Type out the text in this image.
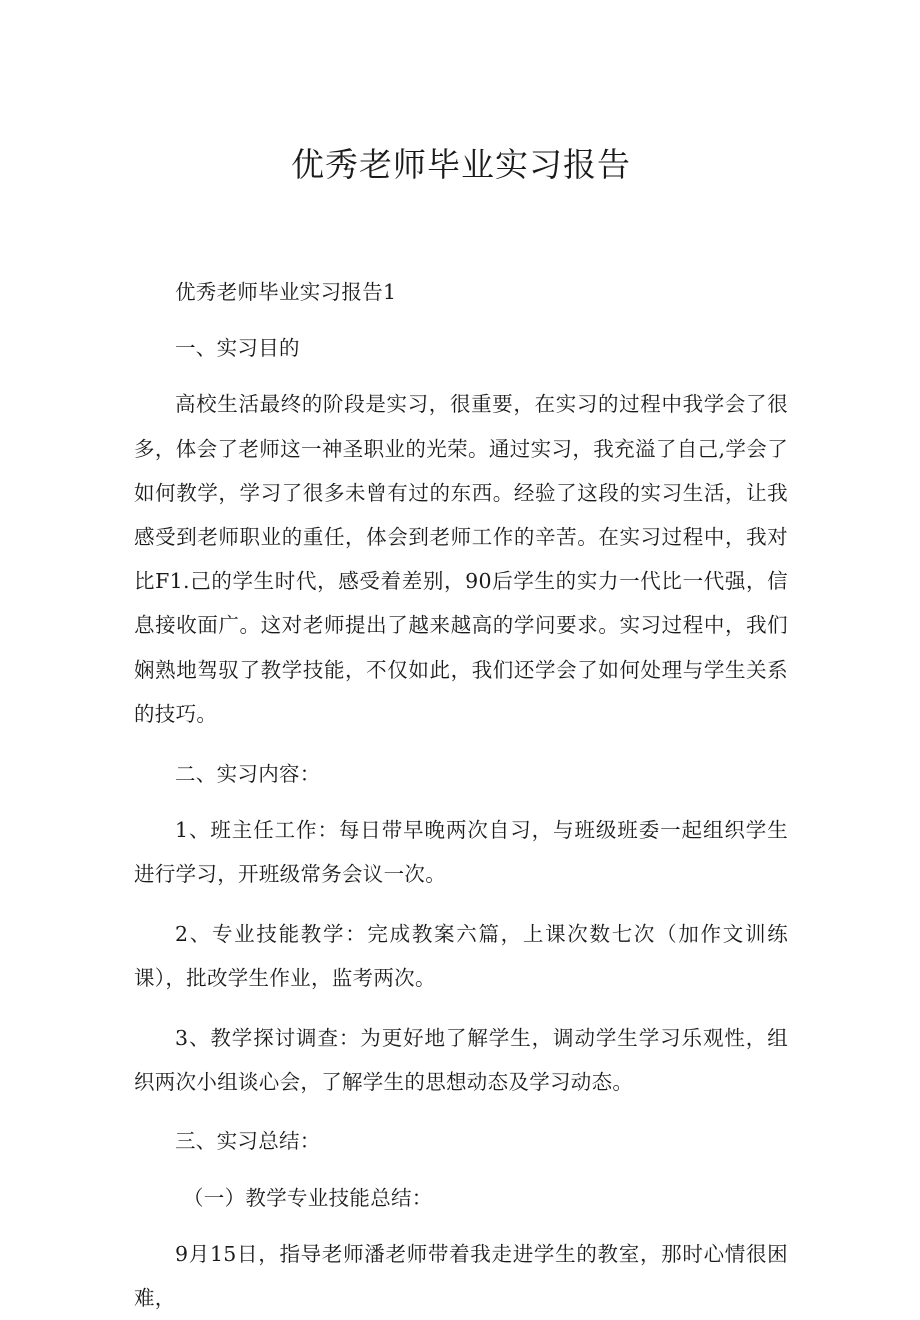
优秀老师毕业实习报告

优秀老师毕业实习报告1

一、实习目的

高校生活最终的阶段是实习，很重要，在实习的过程中我学会了很多，体会了老师这一神圣职业的光荣。通过实习，我充溢了自己,学会了如何教学，学习了很多未曾有过的东西。经验了这段的实习生活，让我感受到老师职业的重任，体会到老师工作的辛苦。在实习过程中，我对比F1.己的学生时代，感受着差别，90后学生的实力一代比一代强，信息接收面广。这对老师提出了越来越高的学问要求。实习过程中，我们娴熟地驾驭了教学技能，不仅如此，我们还学会了如何处理与学生关系的技巧。

二、实习内容：

1、班主任工作：每日带早晚两次自习，与班级班委一起组织学生进行学习，开班级常务会议一次。

2、专业技能教学：完成教案六篇，上课次数七次（加作文训练课），批改学生作业，监考两次。

3、教学探讨调查：为更好地了解学生，调动学生学习乐观性，组织两次小组谈心会，了解学生的思想动态及学习动态。

三、实习总结：

（一）教学专业技能总结：

9月15日，指导老师潘老师带着我走进学生的教室，那时心情很困难，
